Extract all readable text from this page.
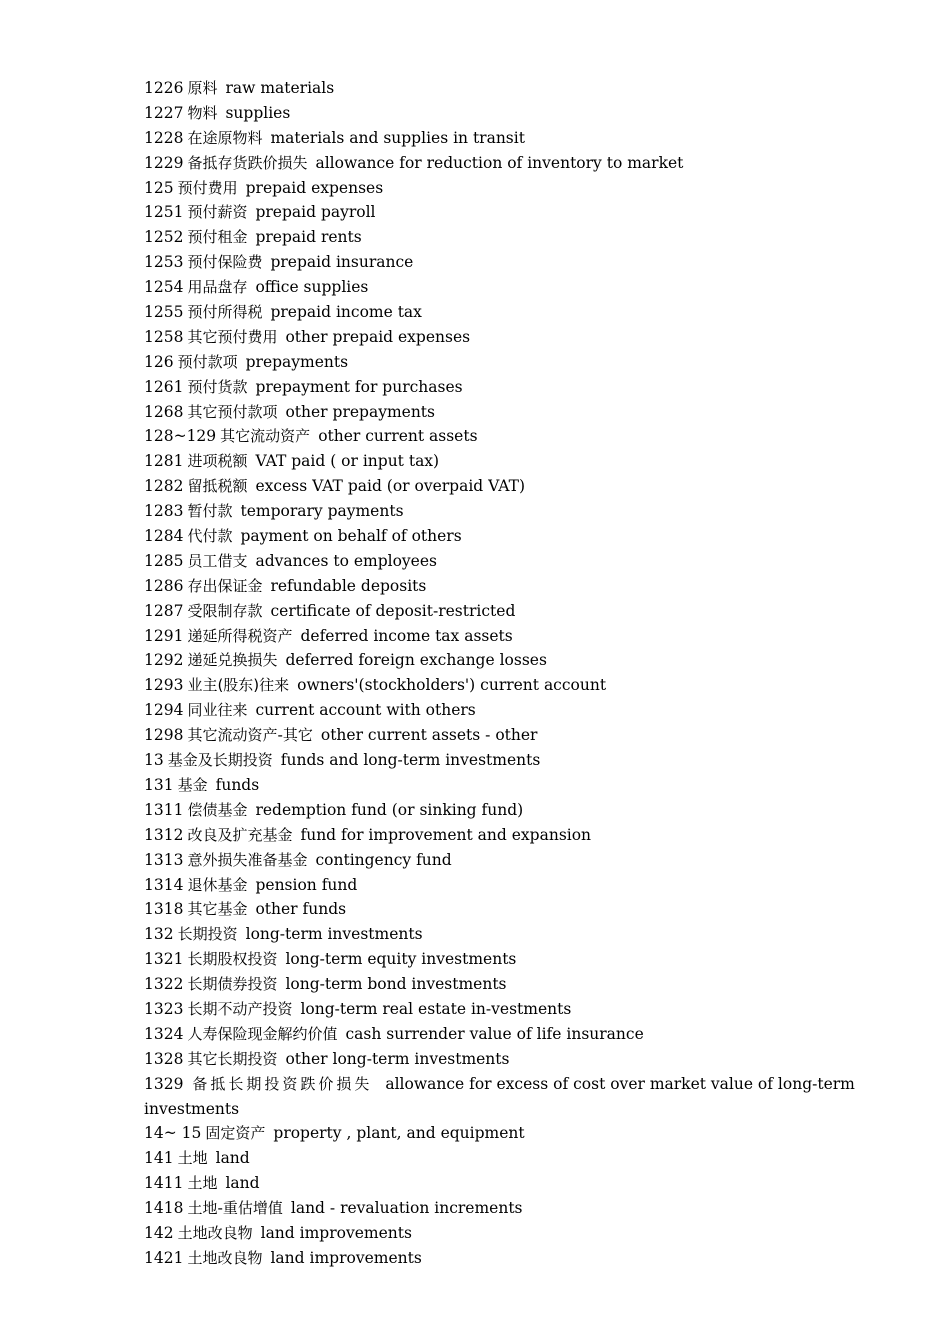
1226 原料 raw materials
1227 物料 supplies
1228 在途原物料 materials and supplies in transit
1229 备抵存货跌价损失 allowance for reduction of inventory to market
125 预付费用 prepaid expenses
1251 预付薪资 prepaid payroll
1252 预付租金 prepaid rents
1253 预付保险费 prepaid insurance
1254 用品盘存 office supplies
1255 预付所得税 prepaid income tax
1258 其它预付费用 other prepaid expenses
126 预付款项 prepayments
1261 预付货款 prepayment for purchases
1268 其它预付款项 other prepayments
128~129 其它流动资产 other current assets
1281 进项税额 VAT paid ( or input tax)
1282 留抵税额 excess VAT paid (or overpaid VAT)
1283 暂付款 temporary payments
1284 代付款 payment on behalf of others
1285 员工借支 advances to employees
1286 存出保证金 refundable deposits
1287 受限制存款 certificate of deposit-restricted
1291 递延所得税资产 deferred income tax assets
1292 递延兑换损失 deferred foreign exchange losses
1293 业主(股东)往来 owners'(stockholders') current account
1294 同业往来 current account with others
1298 其它流动资产-其它 other current assets - other
13 基金及长期投资 funds and long-term investments
131 基金 funds
1311 偿债基金 redemption fund (or sinking fund)
1312 改良及扩充基金 fund for improvement and expansion
1313 意外损失准备基金 contingency fund
1314 退休基金 pension fund
1318 其它基金 other funds
132 长期投资 long-term investments
1321 长期股权投资 long-term equity investments
1322 长期债券投资 long-term bond investments
1323 长期不动产投资 long-term real estate in-vestments
1324 人寿保险现金解约价值 cash surrender value of life insurance
1328 其它长期投资 other long-term investments
1329 备抵长期投资跌价损失 allowance for excess of cost over market value of long-term
investments
14~ 15 固定资产 property , plant, and equipment
141 土地 land
1411 土地 land
1418 土地-重估增值 land - revaluation increments
142 土地改良物 land improvements
1421 土地改良物 land improvements
